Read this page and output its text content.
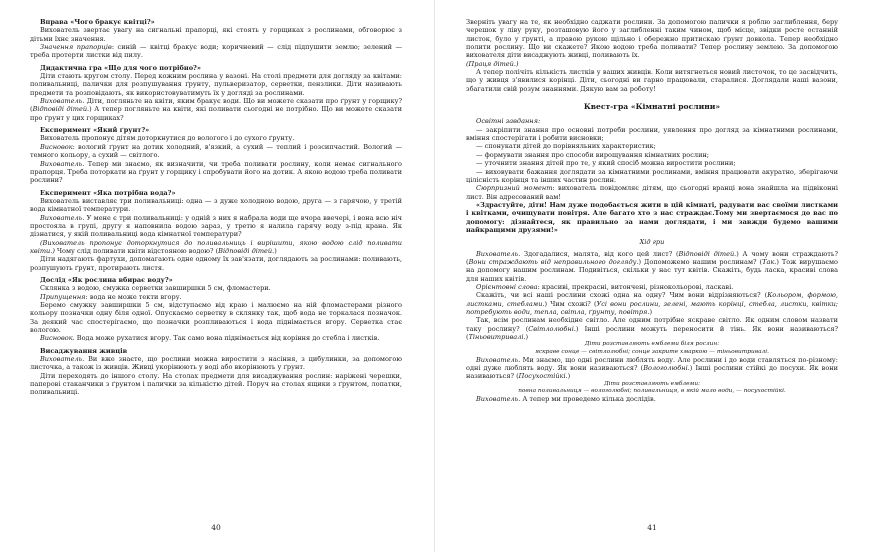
Вправа «Чого бракує квітці?»

Вихователь звертає увагу на сигнальні прапорці, які стоять у горщиках з рослинами, обговорює з дітьми їхнє значення.

Значення прапорців: синій — квітці бракує води; коричневий — слід підпушити землю; зелений — треба протерти листки від пилу.

Дидактична гра «Що для чого потрібно?»

Діти стають кругом столу. Перед кожним рослина у вазоні. На столі предмети для догляду за квітами: поливальниці, палички для розпушування ґрунту, пульверизатор, серветки, пензлики. Діти називають предмети та розповідають, як використовуватимуть їх у догляді за рослинами.

Вихователь. Діти, погляньте на квіти, яким бракує води. Що ви можете сказати про ґрунт у горщику? (Відповіді дітей.) А тепер погляньте на квіти, які поливати сьогодні не потрібно. Що ви можете сказати про ґрунт у цих горщиках?

Експеримент «Який ґрунт?»

Вихователь пропонує дітям доторкнутися до вологого і до сухого ґрунту.

Висновок: вологий ґрунт на дотик холодний, в'язкий, а сухий — теплий і розсипчастий. Вологий — темного кольору, а сухий — світлого.

Вихователь. Тепер ми знаємо, як визначити, чи треба поливати рослину, коли немає сигнального прапорця. Треба поторкати на ґрунт у горщику і спробувати його на дотик. А якою водою треба поливати рослини?

Експеримент «Яка потрібна вода?»

Вихователь виставляє три поливальниці: одна — з дуже холодною водою, друга — з гарячою, у третій вода кімнатної температури.

Вихователь. У мене є три поливальниці: у одній з них я набрала води ще вчора ввечері, і вона всю ніч простояла в групі, другу я наповнила водою зараз, у третю я налила гарячу воду з-під крана. Як дізнатися, у якій поливальниці вода кімнатної температури?

(Вихователь пропонує доторкнутися до поливальниць і вирішити, якою водою слід поливати квіти.) Чому слід поливати квіти відстояною водою? (Відповіді дітей.)

Діти надягають фартухи, допомагають одне одному їх зав'язати, доглядають за рослинами: поливають, розпушують ґрунт, протирають листя.

Дослід «Як рослина вбирає воду?»

Склянка з водою, смужка серветки завширшки 5 см, фломастери.

Припущення: вода не може текти вгору.

Беремо смужку завширшки 5 см, відступаємо від краю і малюємо на ній фломастерами різного кольору позначки одну біля одної. Опускаємо серветку в склянку так, щоб вода не торкалася позначок. За деякий час спостерігаємо, що позначки розпливаються і вода піднімається вгору. Серветка стає вологою.

Висновок. Вода може рухатися вгору. Так само вона піднімається від коріння до стебла і листків.

Висаджування живців

Вихователь. Ви вже знаєте, що рослини можна виростити з насіння, з цибулинки, за допомогою листочка, а також із живців. Живці укорінюють у воді або вкорінюють у ґрунт.

Діти переходять до іншого столу. На столах предмети для висаджування рослин: наріжені черешки, паперові стаканчики з ґрунтом і палички за кількістю дітей. Поруч на столах ящики з ґрунтом, лопатки, поливальниці.

40

Зверніть увагу на те, як необхідно саджати рослини. За допомогою палички я роблю заглиблення, беру черешок у ліву руку, розташовую його у заглибленні таким чином, щоб місце, звідки росте останній листок, було у ґрунті, а правою рукою щільно і обережно притискаю ґрунт довкола. Тепер необхідно полити рослину. Що ви скажете? Якою водою треба поливати? Тепер рослину землею. За допомогою вихователя діти висаджують живці, поливають їх.

(Праця дітей.)

А тепер полічіть кількість листків у ваших живців. Коли витягнеться новий листочок, то це засвідчить, що у живця з'явилися корінці. Діти, сьогодні ви гарно працювали, старалися. Доглядали наші вазони, збагатили свій розум знаннями. Дякую вам за роботу!

Квест-гра «Кімнатні рослини»

Освітні завдання:

— закріпити знання про основні потреби рослини, уявлення про догляд за кімнатними рослинами, вміння спостерігати і робити висновки;

— спонукати дітей до порівняльних характеристик;

— формувати знання про способи вирощування кімнатних рослин;

— уточнити знання дітей про те, у який спосіб можна виростити рослини;

— виховувати бажання доглядати за кімнатними рослинами, вміння працювати акуратно, зберігаючи цілісність корінця та інших частин рослин.

Сюрпризний момент: вихователь повідомляє дітям, що сьогодні вранці вона знайшла на підвіконні лист. Він адресований вам!

«Здрастуйте, діти! Нам дуже подобається жити в цій кімнаті, радувати вас своїми листками і квітками, очищувати повітря. Але багато хто з нас страждає.Тому ми звертаємося до вас по допомогу: дізнайтеся, як правильно за нами доглядати, і ми завжди будемо вашими найкращими друзями!»

Хід гри

Вихователь. Здогадалися, малята, від кого цей лист? (Відповіді дітей.) А чому вони страждають? (Вони страждають від неправильного догляду.) Допоможемо нашим рослинам? (Так.) Тож вирушаємо на допомогу нашим рослинам. Подивіться, скільки у нас тут квітів. Скажіть, будь ласка, красиві слова для наших квітів.

Орієнтовні слова: красиві, прекрасні, витончені, різнокольорові, ласкаві.

Скажіть, чи всі наші рослини схожі одна на одну? Чим вони відрізняються? (Кольором, формою, листками, стеблами.) Чим схожі? (Усі вони рослини, зелені, мають корінці, стебла, листки, квітки; потребують води, тепла, світла, ґрунту, повітря.)

Так, всім рослинам необхідне світло. Але одним потрібне яскраве світло. Як одним словом назвати таку рослину? (Світлолюбні.) Інші рослини можуть переносити й тінь. Як вони називаються? (Тіньовитривалі.)

Діти розставляють емблеми біля рослин:

яскраве сонце — світлолюбні; сонце закрите хмаркою — тіньовитривалі.

Вихователь. Ми знаємо, що одні рослини люблять воду. Але рослини і до води ставляться по-різному: одні дуже люблять воду. Як вони називаються? (Вологолюбні.) Інші рослини стійкі до посухи. Як вони називаються? (Посухостійкі.)

Діти розставляють емблеми:

повна поливальниця — вологолюбні; поливальниця, в якій мало води, — посухостійкі.

Вихователь. А тепер ми проведемо кілька дослідів.

41
